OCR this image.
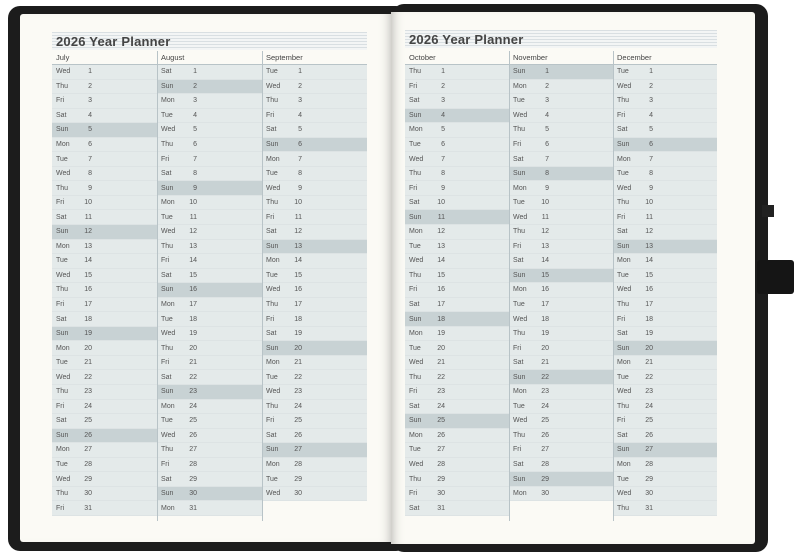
2026 Year Planner
July
Wed	1
Thu	2
Fri	3
Sat	4
Sun	5
Mon	6
Tue	7
Wed	8
Thu	9
Fri	10
Sat	11
Sun	12
Mon	13
Tue	14
Wed	15
Thu	16
Fri	17
Sat	18
Sun	19
Mon	20
Tue	21
Wed	22
Thu	23
Fri	24
Sat	25
Sun	26
Mon	27
Tue	28
Wed	29
Thu	30
Fri	31
August
Sat	1
Sun	2
Mon	3
Tue	4
Wed	5
Thu	6
Fri	7
Sat	8
Sun	9
Mon	10
Tue	11
Wed	12
Thu	13
Fri	14
Sat	15
Sun	16
Mon	17
Tue	18
Wed	19
Thu	20
Fri	21
Sat	22
Sun	23
Mon	24
Tue	25
Wed	26
Thu	27
Fri	28
Sat	29
Sun	30
Mon	31
September
Tue	1
Wed	2
Thu	3
Fri	4
Sat	5
Sun	6
Mon	7
Tue	8
Wed	9
Thu	10
Fri	11
Sat	12
Sun	13
Mon	14
Tue	15
Wed	16
Thu	17
Fri	18
Sat	19
Sun	20
Mon	21
Tue	22
Wed	23
Thu	24
Fri	25
Sat	26
Sun	27
Mon	28
Tue	29
Wed	30
2026 Year Planner
October
Thu	1
Fri	2
Sat	3
Sun	4
Mon	5
Tue	6
Wed	7
Thu	8
Fri	9
Sat	10
Sun	11
Mon	12
Tue	13
Wed	14
Thu	15
Fri	16
Sat	17
Sun	18
Mon	19
Tue	20
Wed	21
Thu	22
Fri	23
Sat	24
Sun	25
Mon	26
Tue	27
Wed	28
Thu	29
Fri	30
Sat	31
November
Sun	1
Mon	2
Tue	3
Wed	4
Thu	5
Fri	6
Sat	7
Sun	8
Mon	9
Tue	10
Wed	11
Thu	12
Fri	13
Sat	14
Sun	15
Mon	16
Tue	17
Wed	18
Thu	19
Fri	20
Sat	21
Sun	22
Mon	23
Tue	24
Wed	25
Thu	26
Fri	27
Sat	28
Sun	29
Mon	30
December
Tue	1
Wed	2
Thu	3
Fri	4
Sat	5
Sun	6
Mon	7
Tue	8
Wed	9
Thu	10
Fri	11
Sat	12
Sun	13
Mon	14
Tue	15
Wed	16
Thu	17
Fri	18
Sat	19
Sun	20
Mon	21
Tue	22
Wed	23
Thu	24
Fri	25
Sat	26
Sun	27
Mon	28
Tue	29
Wed	30
Thu	31
